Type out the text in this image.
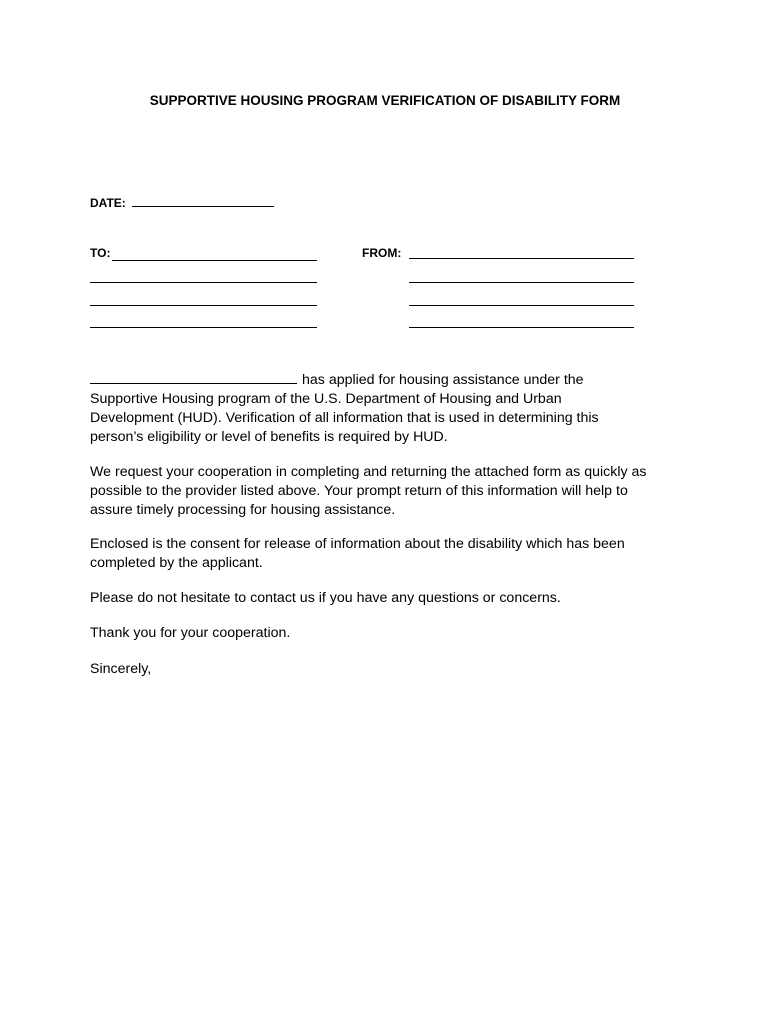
SUPPORTIVE HOUSING PROGRAM VERIFICATION OF DISABILITY FORM
DATE:
TO:	FROM:
has applied for housing assistance under the
Supportive Housing program of the U.S. Department of Housing and Urban
Development (HUD). Verification of all information that is used in determining this
person’s eligibility or level of benefits is required by HUD.
We request your cooperation in completing and returning the attached form as quickly as
possible to the provider listed above. Your prompt return of this information will help to
assure timely processing for housing assistance.
Enclosed is the consent for release of information about the disability which has been
completed by the applicant.
Please do not hesitate to contact us if you have any questions or concerns.
Thank you for your cooperation.
Sincerely,
